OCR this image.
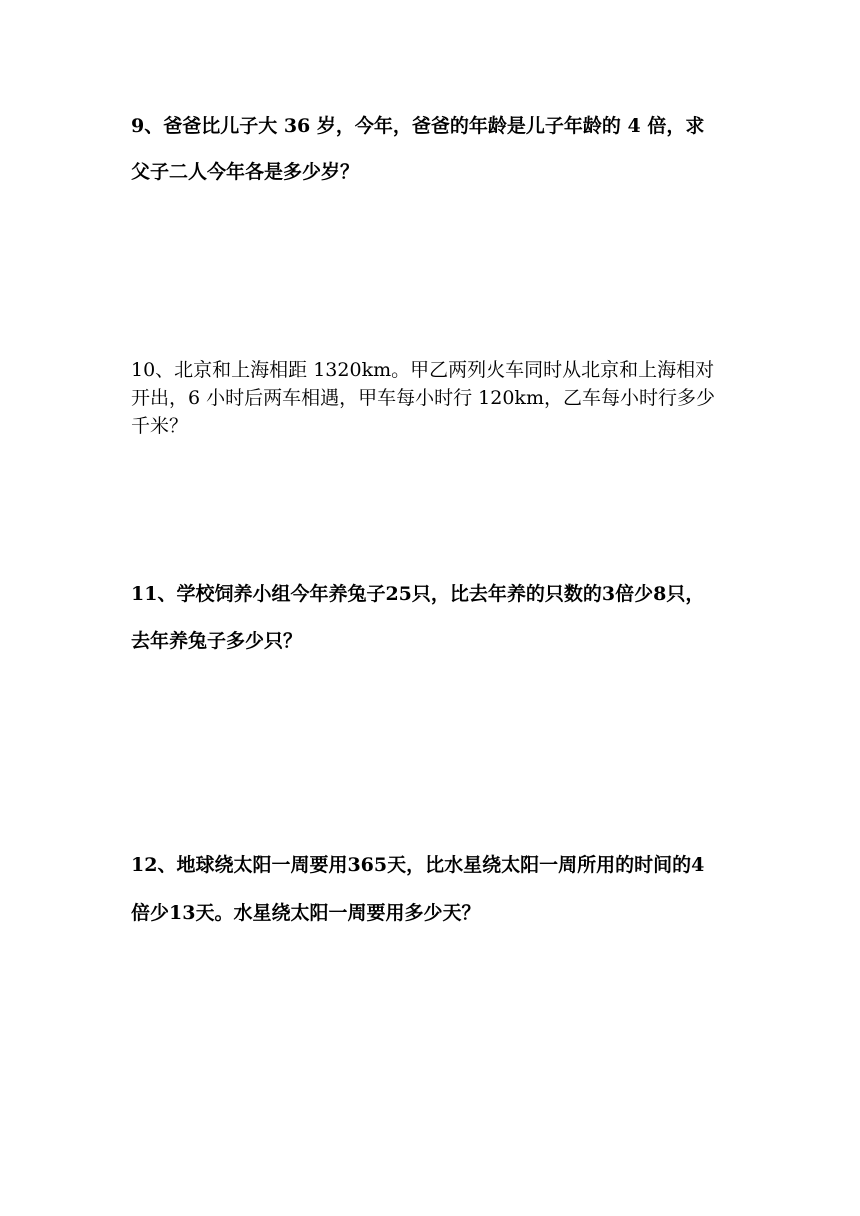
9、爸爸比儿子大 36 岁，今年，爸爸的年龄是儿子年龄的 4 倍，求
父子二人今年各是多少岁？
10、北京和上海相距 1320km。甲乙两列火车同时从北京和上海相对
开出，6 小时后两车相遇，甲车每小时行 120km，乙车每小时行多少
千米？
11、学校饲养小组今年养兔子25只，比去年养的只数的3倍少8只，
去年养兔子多少只？
12、地球绕太阳一周要用365天，比水星绕太阳一周所用的时间的4
倍少13天。水星绕太阳一周要用多少天？
